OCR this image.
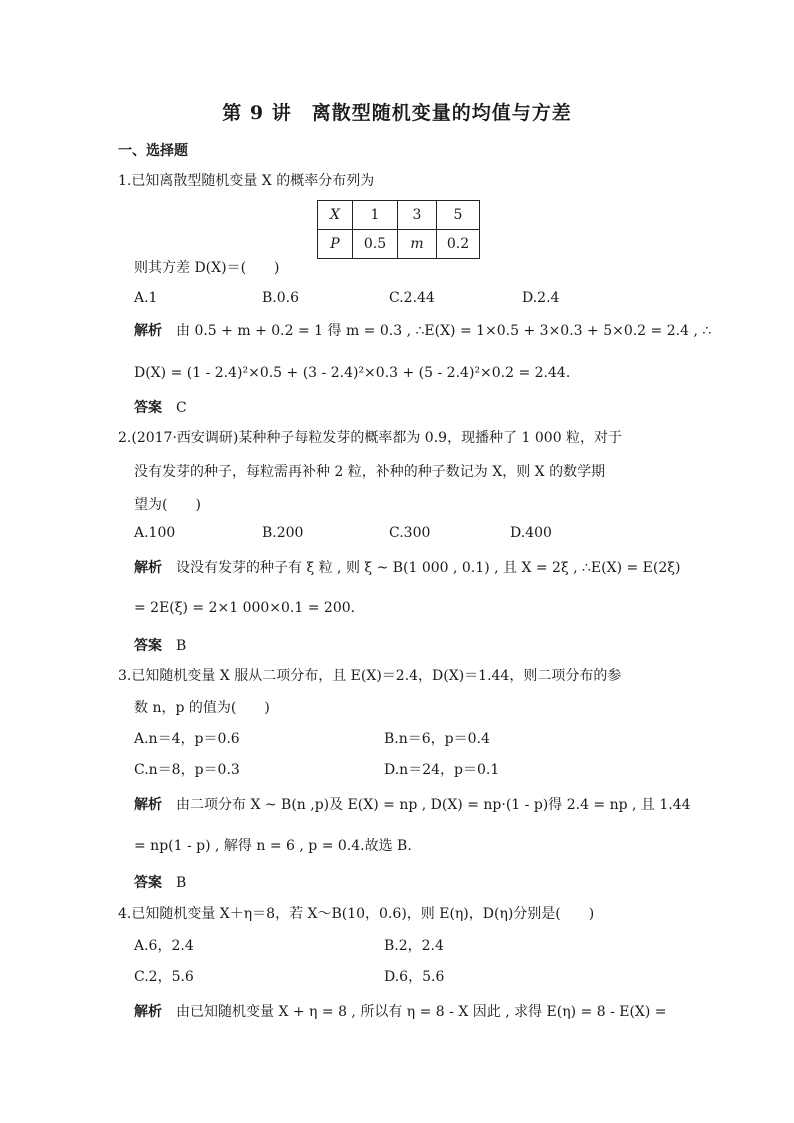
第 9 讲　离散型随机变量的均值与方差
一、选择题
1.已知离散型随机变量 X 的概率分布列为
X	1	3	5
P	0.5	m	0.2
则其方差 D(X)＝(　　)
A.1	B.0.6	C.2.44	D.2.4
解析 由 0.5 + m + 0.2 = 1 得 m = 0.3 , ∴E(X) = 1×0.5 + 3×0.3 + 5×0.2 = 2.4 , ∴
D(X) = (1 - 2.4)²×0.5 + (3 - 2.4)²×0.3 + (5 - 2.4)²×0.2 = 2.44.
答案 C
2.(2017·西安调研)某种种子每粒发芽的概率都为 0.9，现播种了 1 000 粒，对于
没有发芽的种子，每粒需再补种 2 粒，补种的种子数记为 X，则 X 的数学期
望为(　　)
A.100	B.200	C.300	D.400
解析 设没有发芽的种子有 ξ 粒 , 则 ξ ~ B(1 000 , 0.1) , 且 X = 2ξ , ∴E(X) = E(2ξ)
= 2E(ξ) = 2×1 000×0.1 = 200.
答案 B
3.已知随机变量 X 服从二项分布，且 E(X)＝2.4，D(X)＝1.44，则二项分布的参
数 n，p 的值为(　　)
A.n＝4，p＝0.6	B.n＝6，p＝0.4
C.n＝8，p＝0.3	D.n＝24，p＝0.1
解析 由二项分布 X ~ B(n ,p)及 E(X) = np , D(X) = np·(1 - p)得 2.4 = np , 且 1.44
= np(1 - p) , 解得 n = 6 , p = 0.4.故选 B.
答案 B
4.已知随机变量 X＋η＝8，若 X～B(10，0.6)，则 E(η)，D(η)分别是(　　)
A.6，2.4	B.2，2.4
C.2，5.6	D.6，5.6
解析 由已知随机变量 X + η = 8 , 所以有 η = 8 - X 因此 , 求得 E(η) = 8 - E(X) =
